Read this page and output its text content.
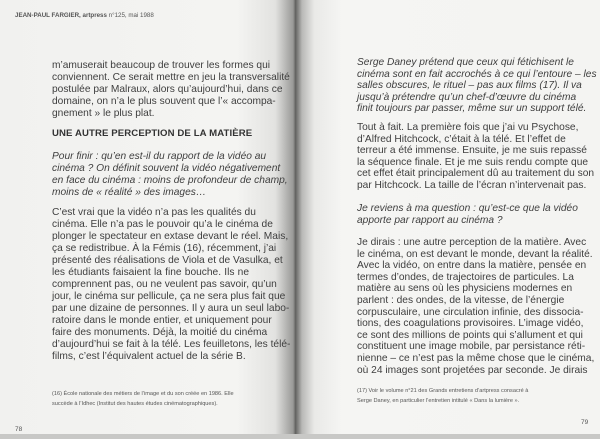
JEAN-PAUL FARGIER, artpress n°125, mai 1988
m’amuserait beaucoup de trouver les formes qui
conviennent. Ce serait mettre en jeu la transversalité
postulée par Malraux, alors qu’aujourd’hui, dans ce
domaine, on n’a le plus souvent que l’« accompa-
gnement » le plus plat.
UNE AUTRE PERCEPTION DE LA MATIÈRE
Pour finir : qu’en est-il du rapport de la vidéo au
cinéma ? On définit souvent la vidéo négativement
en face du cinéma : moins de profondeur de champ,
moins de « réalité » des images…
C’est vrai que la vidéo n’a pas les qualités du
cinéma. Elle n’a pas le pouvoir qu’a le cinéma de
plonger le spectateur en extase devant le réel. Mais,
ça se redistribue. À la Fémis (16), récemment, j’ai
présenté des réalisations de Viola et de Vasulka, et
les étudiants faisaient la fine bouche. Ils ne
comprennent pas, ou ne veulent pas savoir, qu’un
jour, le cinéma sur pellicule, ça ne sera plus fait que
par une dizaine de personnes. Il y aura un seul labo-
ratoire dans le monde entier, et uniquement pour
faire des monuments. Déjà, la moitié du cinéma
d’aujourd’hui se fait à la télé. Les feuilletons, les télé-
films, c’est l’équivalent actuel de la série B.
(16) École nationale des métiers de l’image et du son créée en 1986. Elle
succède à l’Idhec (Institut des hautes études cinématographiques).
78
Serge Daney prétend que ceux qui fétichisent le
cinéma sont en fait accrochés à ce qui l’entoure – les
salles obscures, le rituel – pas aux films (17). Il va
jusqu’à prétendre qu’un chef-d’œuvre du cinéma
finit toujours par passer, même sur un support télé.
Tout à fait. La première fois que j’ai vu Psychose,
d’Alfred Hitchcock, c’était à la télé. Et l’effet de
terreur a été immense. Ensuite, je me suis repassé
la séquence finale. Et je me suis rendu compte que
cet effet était principalement dû au traitement du son
par Hitchcock. La taille de l’écran n’intervenait pas.
Je reviens à ma question : qu’est-ce que la vidéo
apporte par rapport au cinéma ?
Je dirais : une autre perception de la matière. Avec
le cinéma, on est devant le monde, devant la réalité.
Avec la vidéo, on entre dans la matière, pensée en
termes d’ondes, de trajectoires de particules. La
matière au sens où les physiciens modernes en
parlent : des ondes, de la vitesse, de l’énergie
corpusculaire, une circulation infinie, des dissocia-
tions, des coagulations provisoires. L’image vidéo,
ce sont des millions de points qui s’allument et qui
constituent une image mobile, par persistance réti-
nienne – ce n’est pas la même chose que le cinéma,
où 24 images sont projetées par seconde. Je dirais
(17) Voir le volume n°21 des Grands entretiens d’artpress consacré à
Serge Daney, en particulier l’entretien intitulé « Dans la lumière ».
79
